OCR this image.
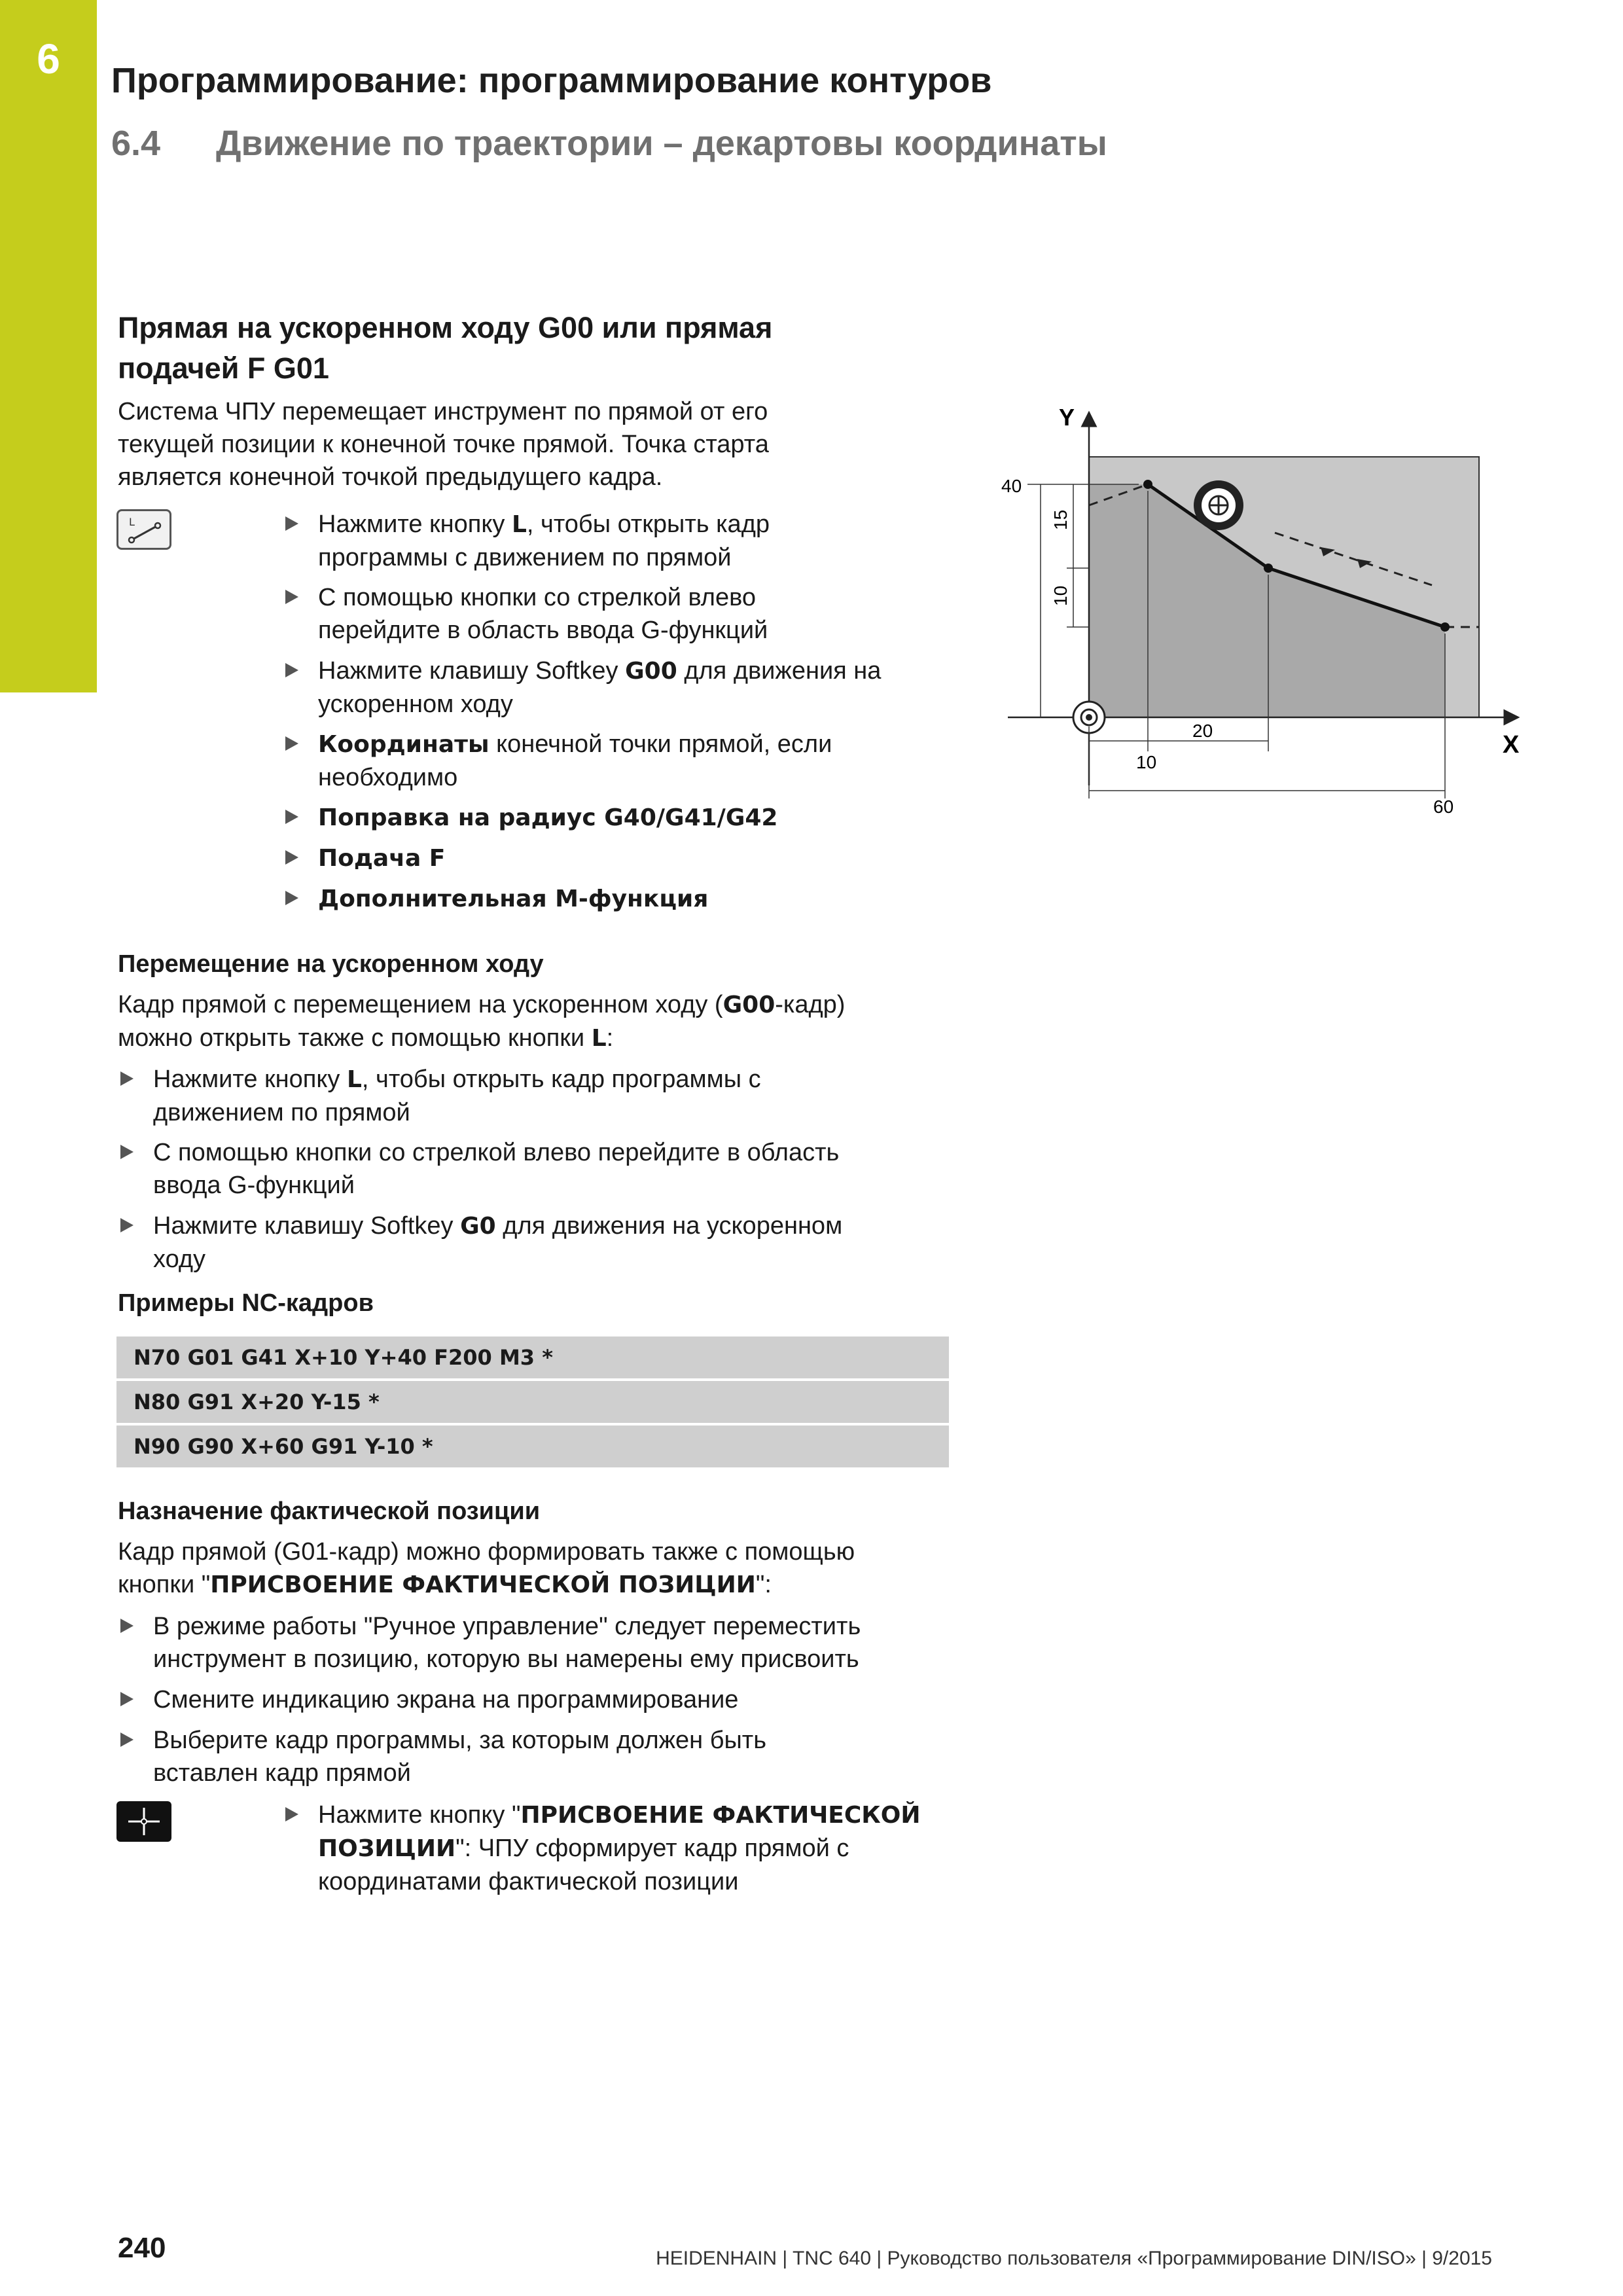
6	Программирование: программирование контуров
6.4 Движение по траектории – декартовы координаты
Прямая на ускоренном ходу G00 или прямая
подачей F G01
Система ЧПУ перемещает инструмент по прямой от его
текущей позиции к конечной точке прямой. Точка старта
является конечной точкой предыдущего кадра.
L	Нажмите кнопку L, чтобы открыть кадр
программы с движением по прямой
С помощью кнопки со стрелкой влево
перейдите в область ввода G-функций
Нажмите клавишу Softkey G00 для движения на
ускоренном ходу
Координаты конечной точки прямой, если
необходимо
Поправка на радиус G40/G41/G42
Подача F
Дополнительная M-функция
Перемещение на ускоренном ходу
Кадр прямой с перемещением на ускоренном ходу (G00-кадр)
можно открыть также с помощью кнопки L:
Нажмите кнопку L, чтобы открыть кадр программы с
движением по прямой
С помощью кнопки со стрелкой влево перейдите в область
ввода G-функций
Нажмите клавишу Softkey G0 для движения на ускоренном
ходу
Примеры NC-кадров
N70 G01 G41 X+10 Y+40 F200 M3 *
N80 G91 X+20 Y-15 *
N90 G90 X+60 G91 Y-10 *
Назначение фактической позиции
Кадр прямой (G01-кадр) можно формировать также с помощью
кнопки "ПРИСВОЕНИЕ ФАКТИЧЕСКОЙ ПОЗИЦИИ":
В режиме работы "Ручное управление" следует переместить
инструмент в позицию, которую вы намерены ему присвоить
Смените индикацию экрана на программирование
Выберите кадр программы, за которым должен быть
вставлен кадр прямой
Нажмите кнопку "ПРИСВОЕНИЕ ФАКТИЧЕСКОЙ
ПОЗИЦИИ": ЧПУ сформирует кадр прямой с
координатами фактической позиции
Y
X
40
15
10
20
10
60
240	HEIDENHAIN | TNC 640 | Руководство пользователя «Программирование DIN/ISO» | 9/2015
